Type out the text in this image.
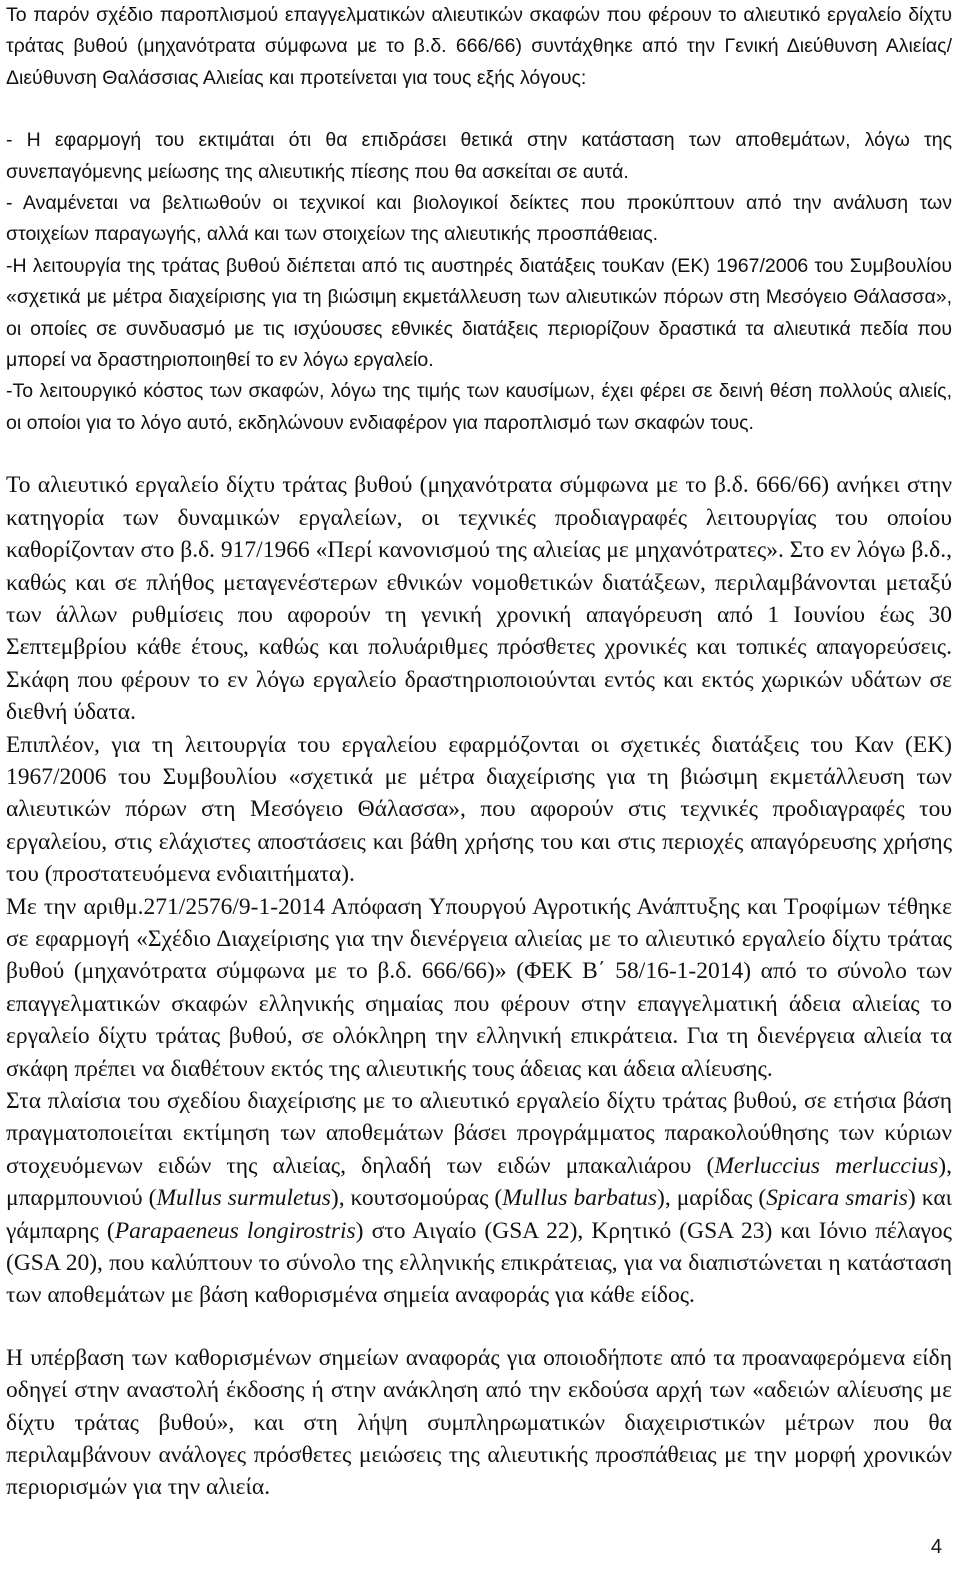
Το παρόν σχέδιο παροπλισμού επαγγελματικών αλιευτικών σκαφών που φέρουν το αλιευτικό εργαλείο δίχτυ τράτας βυθού (μηχανότρατα σύμφωνα με το β.δ. 666/66) συντάχθηκε από την Γενική Διεύθυνση Αλιείας/Διεύθυνση Θαλάσσιας Αλιείας και προτείνεται για τους εξής λόγους:

- Η εφαρμογή του εκτιμάται ότι θα επιδράσει θετικά στην κατάσταση των αποθεμάτων, λόγω της συνεπαγόμενης μείωσης της αλιευτικής πίεσης που θα ασκείται σε αυτά.

- Αναμένεται να βελτιωθούν οι τεχνικοί και βιολογικοί δείκτες που προκύπτουν από την ανάλυση των στοιχείων παραγωγής, αλλά και των στοιχείων της αλιευτικής προσπάθειας.

-Η λειτουργία της τράτας βυθού διέπεται από τις αυστηρές διατάξεις τουΚαν (ΕΚ) 1967/2006 του Συμβουλίου «σχετικά με μέτρα διαχείρισης για τη βιώσιμη εκμετάλλευση των αλιευτικών πόρων στη Μεσόγειο Θάλασσα», οι οποίες σε συνδυασμό με τις ισχύουσες εθνικές διατάξεις περιορίζουν δραστικά τα αλιευτικά πεδία που μπορεί να δραστηριοποιηθεί το εν λόγω εργαλείο.

-Το λειτουργικό κόστος των σκαφών, λόγω της τιμής των καυσίμων, έχει φέρει σε δεινή θέση πολλούς αλιείς, οι οποίοι για το λόγο αυτό, εκδηλώνουν ενδιαφέρον για παροπλισμό των σκαφών τους.

Το αλιευτικό εργαλείο δίχτυ τράτας βυθού (μηχανότρατα σύμφωνα με το β.δ. 666/66) ανήκει στην κατηγορία των δυναμικών εργαλείων, οι τεχνικές προδιαγραφές λειτουργίας του οποίου καθορίζονταν στο β.δ. 917/1966 «Περί κανονισμού της αλιείας με μηχανότρατες». Στο εν λόγω β.δ., καθώς και σε πλήθος μεταγενέστερων εθνικών νομοθετικών διατάξεων, περιλαμβάνονται μεταξύ των άλλων ρυθμίσεις που αφορούν τη γενική χρονική απαγόρευση από 1 Ιουνίου έως 30 Σεπτεμβρίου κάθε έτους, καθώς και πολυάριθμες πρόσθετες χρονικές και τοπικές απαγορεύσεις. Σκάφη που φέρουν το εν λόγω εργαλείο δραστηριοποιούνται εντός και εκτός χωρικών υδάτων σε διεθνή ύδατα.

Επιπλέον, για τη λειτουργία του εργαλείου εφαρμόζονται οι σχετικές διατάξεις του Καν (ΕΚ) 1967/2006 του Συμβουλίου «σχετικά με μέτρα διαχείρισης για τη βιώσιμη εκμετάλλευση των αλιευτικών πόρων στη Μεσόγειο Θάλασσα», που αφορούν στις τεχνικές προδιαγραφές του εργαλείου, στις ελάχιστες αποστάσεις και βάθη χρήσης του και στις περιοχές απαγόρευσης χρήσης του (προστατευόμενα ενδιαιτήματα).

Με την αριθμ.271/2576/9-1-2014 Απόφαση Υπουργού Αγροτικής Ανάπτυξης και Τροφίμων τέθηκε σε εφαρμογή «Σχέδιο Διαχείρισης για την διενέργεια αλιείας με το αλιευτικό εργαλείο δίχτυ τράτας βυθού (μηχανότρατα σύμφωνα με το β.δ. 666/66)» (ΦΕΚ Β΄ 58/16-1-2014) από το σύνολο των επαγγελματικών σκαφών ελληνικής σημαίας που φέρουν στην επαγγελματική άδεια αλιείας το εργαλείο δίχτυ τράτας βυθού, σε ολόκληρη την ελληνική επικράτεια. Για τη διενέργεια αλιεία τα σκάφη πρέπει να διαθέτουν εκτός της αλιευτικής τους άδειας και άδεια αλίευσης.

Στα πλαίσια του σχεδίου διαχείρισης με το αλιευτικό εργαλείο δίχτυ τράτας βυθού, σε ετήσια βάση πραγματοποιείται εκτίμηση των αποθεμάτων βάσει προγράμματος παρακολούθησης των κύριων στοχευόμενων ειδών της αλιείας, δηλαδή των ειδών μπακαλιάρου (Merluccius merluccius), μπαρμπουνιού (Mullus surmuletus), κουτσομούρας (Mullus barbatus), μαρίδας (Spicara smaris) και γάμπαρης (Parapaeneus longirostris) στο Αιγαίο (GSA 22), Κρητικό (GSA 23) και Ιόνιο πέλαγος (GSA 20), που καλύπτουν το σύνολο της ελληνικής επικράτειας, για να διαπιστώνεται η κατάσταση των αποθεμάτων με βάση καθορισμένα σημεία αναφοράς για κάθε είδος.

Η υπέρβαση των καθορισμένων σημείων αναφοράς για οποιοδήποτε από τα προαναφερόμενα είδη οδηγεί στην αναστολή έκδοσης ή στην ανάκληση από την εκδούσα αρχή των «αδειών αλίευσης με δίχτυ τράτας βυθού», και στη λήψη συμπληρωματικών διαχειριστικών μέτρων που θα περιλαμβάνουν ανάλογες πρόσθετες μειώσεις της αλιευτικής προσπάθειας με την μορφή χρονικών περιορισμών για την αλιεία.

4
